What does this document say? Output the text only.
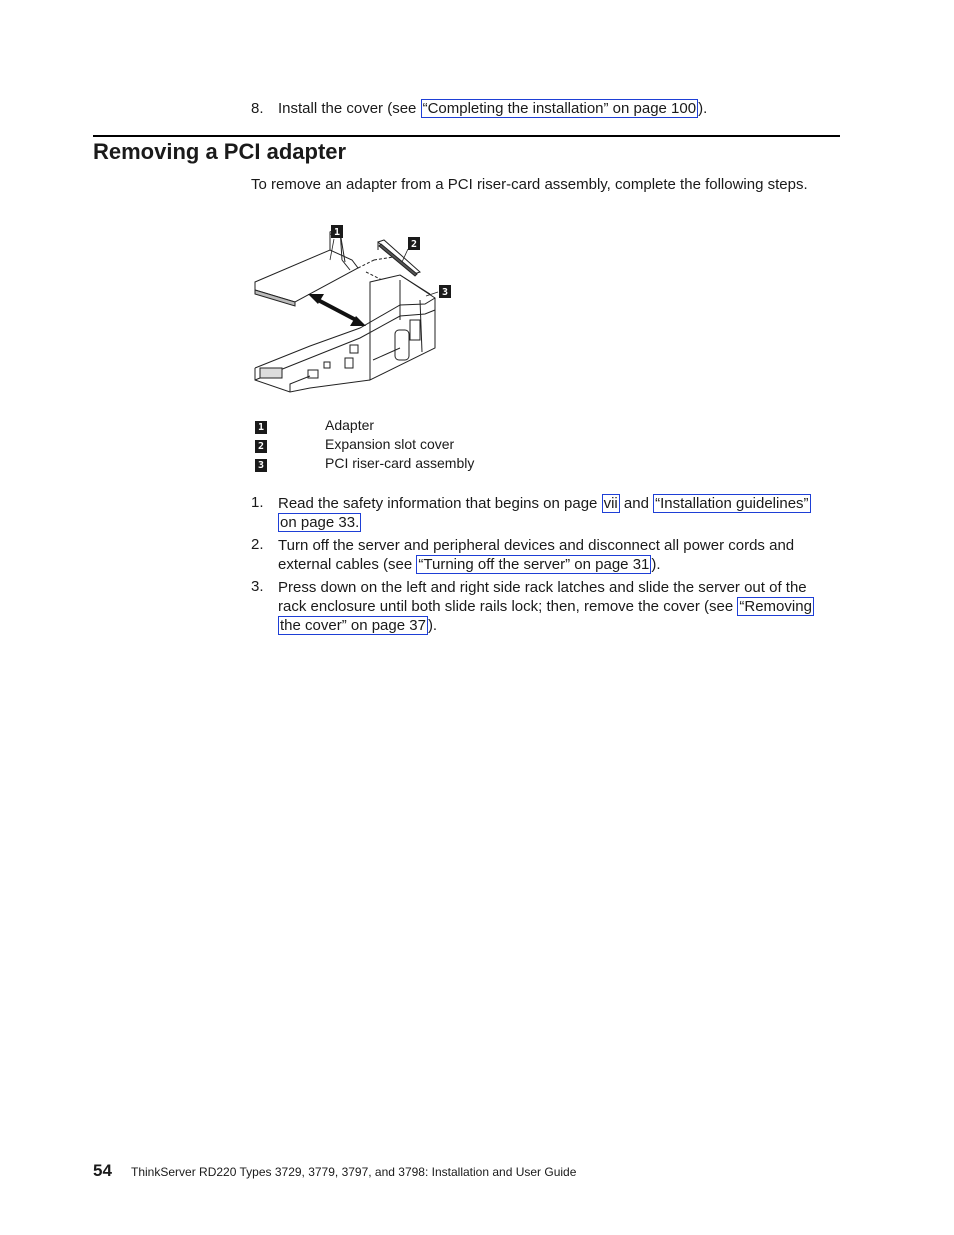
8. Install the cover (see “Completing the installation” on page 100 ).
Removing a PCI adapter
To remove an adapter from a PCI riser-card assembly, complete the following steps.
1
2
3
1	Adapter
2	Expansion slot cover
3	PCI riser-card assembly
1. Read the safety information that begins on page vii and “Installation guidelines”
on page 33.
2. Turn off the server and peripheral devices and disconnect all power cords and
external cables (see “Turning off the server” on page 31 ).
3. Press down on the left and right side rack latches and slide the server out of the
rack enclosure until both slide rails lock; then, remove the cover (see “Removing
the cover” on page 37 ).
54 ThinkServer RD220 Types 3729, 3779, 3797, and 3798: Installation and User Guide
